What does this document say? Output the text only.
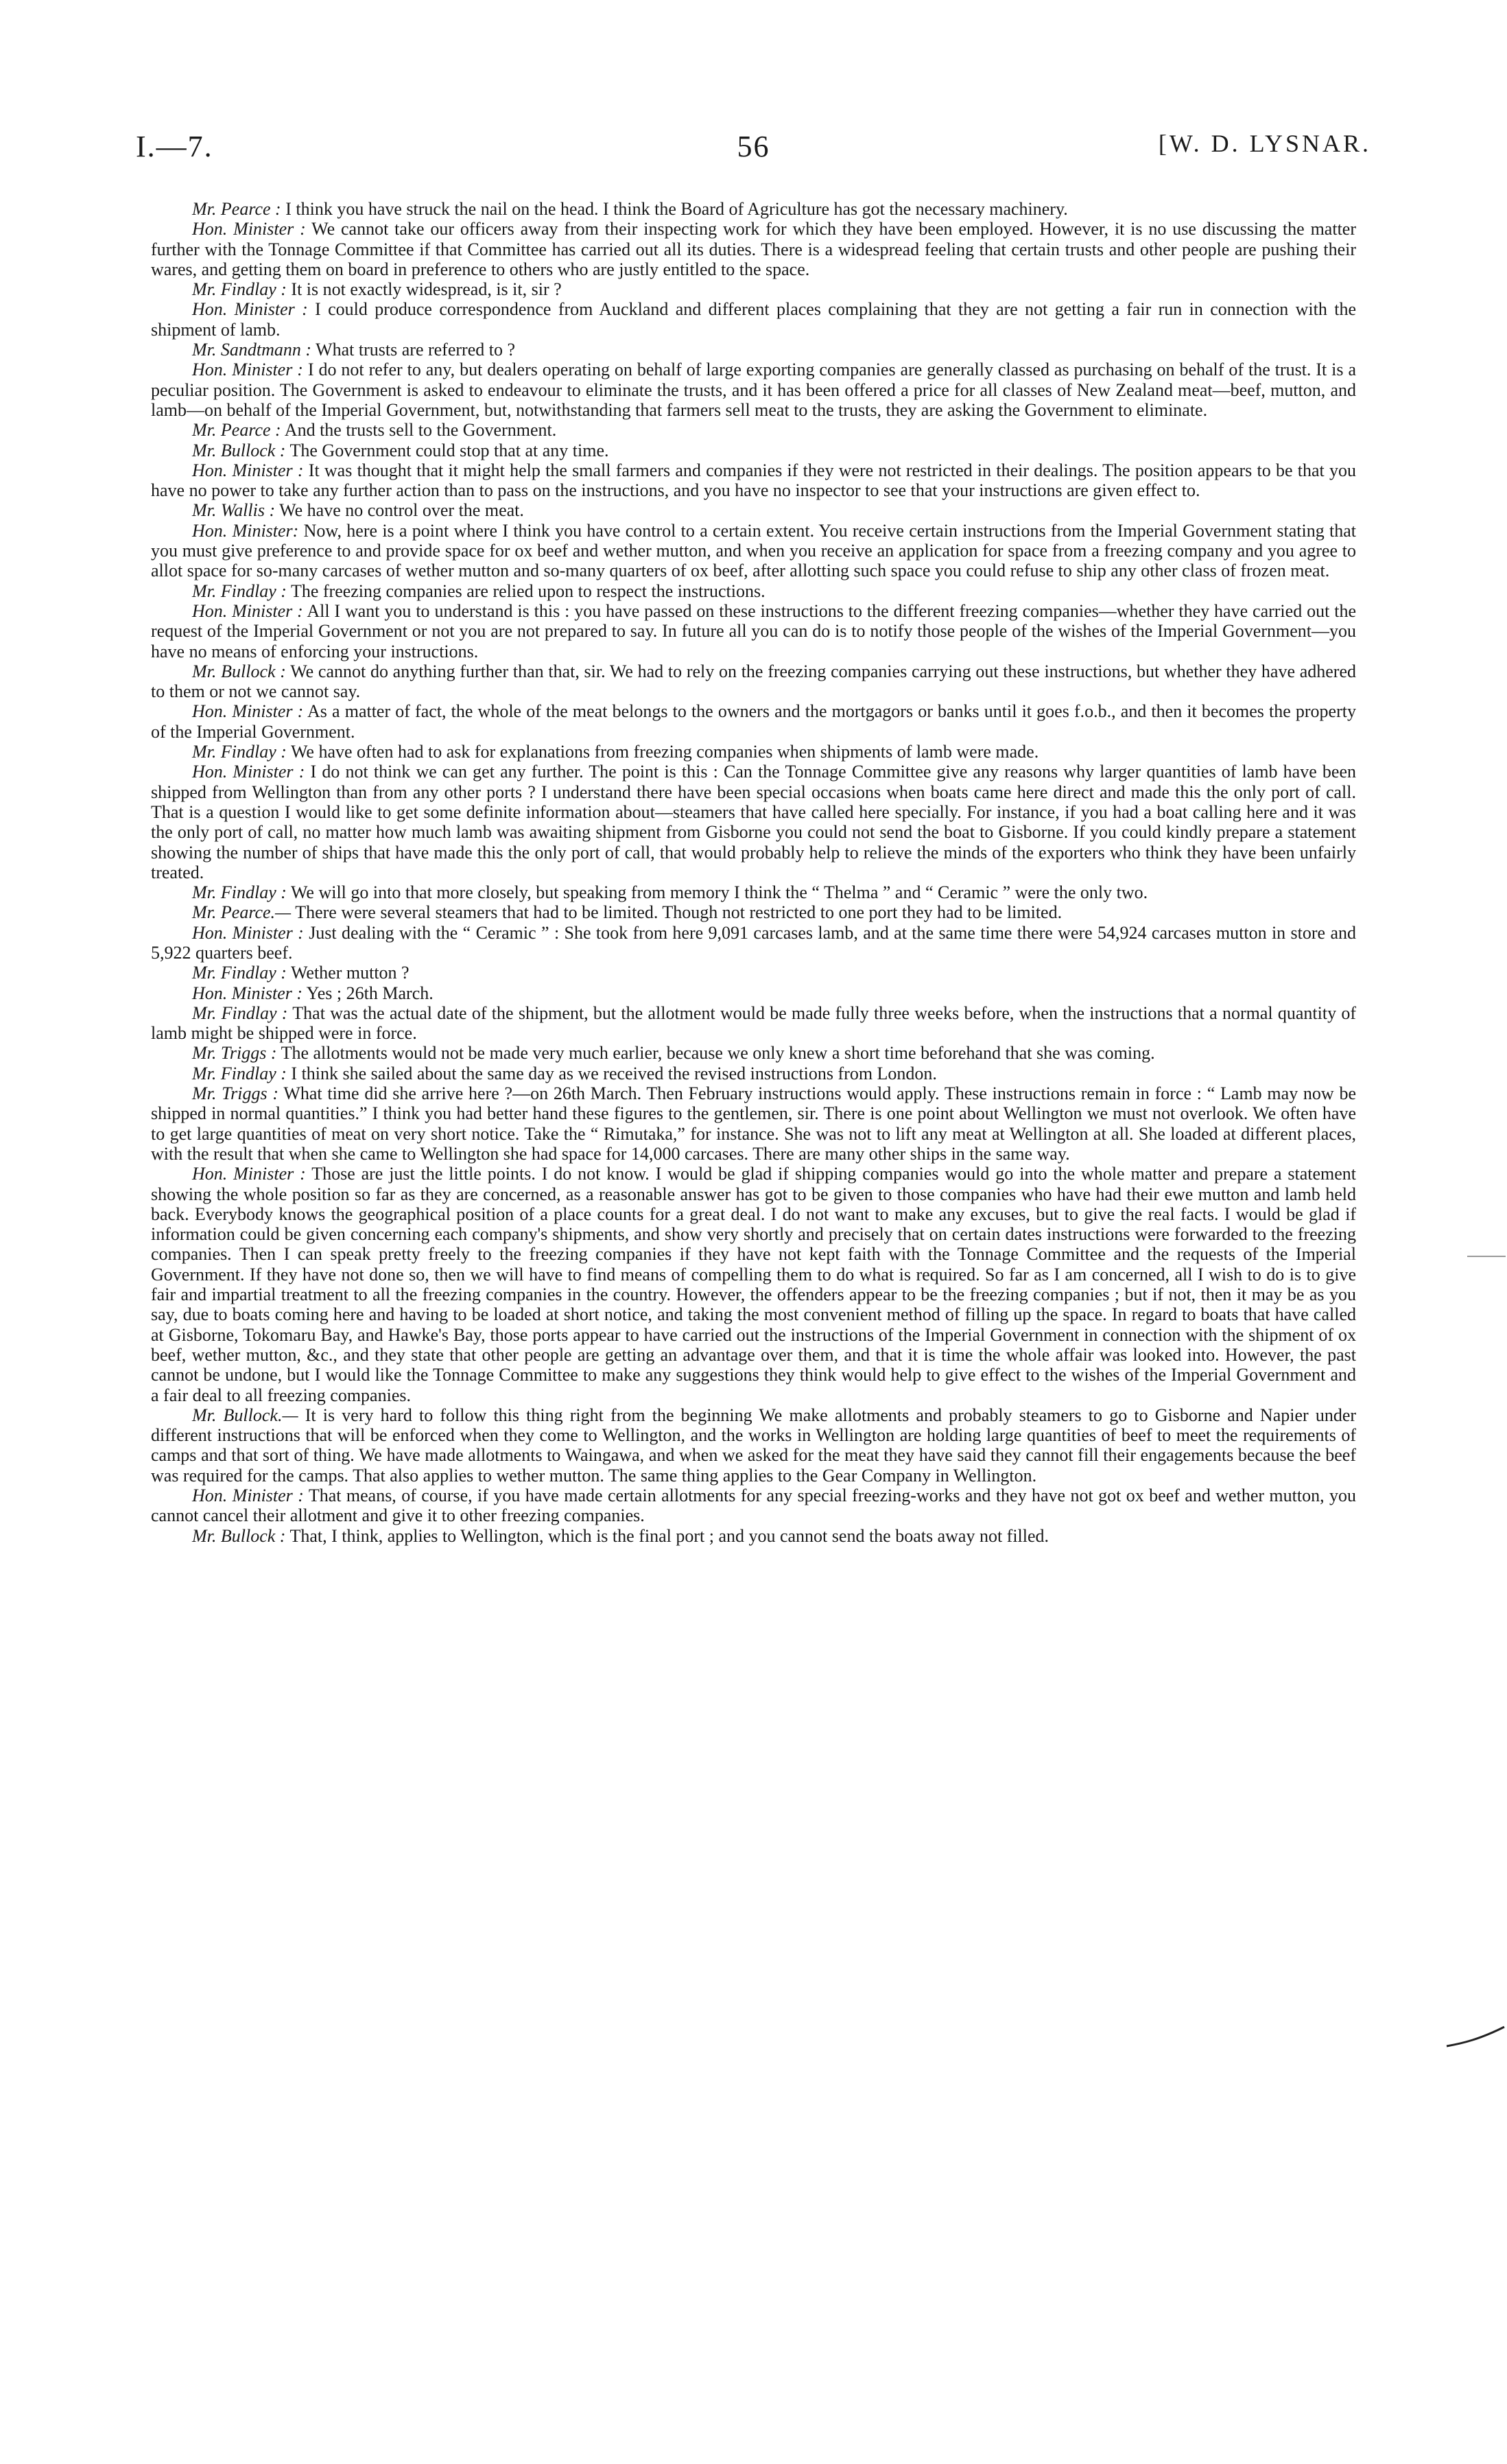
I.—7.	56	[W. D. LYSNAR.

Mr. Pearce : I think you have struck the nail on the head. I think the Board of Agriculture has got the necessary machinery.

Hon. Minister : We cannot take our officers away from their inspecting work for which they have been employed. However, it is no use discussing the matter further with the Tonnage Committee if that Committee has carried out all its duties. There is a widespread feeling that certain trusts and other people are pushing their wares, and getting them on board in preference to others who are justly entitled to the space.

Mr. Findlay : It is not exactly widespread, is it, sir ?

Hon. Minister : I could produce correspondence from Auckland and different places complaining that they are not getting a fair run in connection with the shipment of lamb.

Mr. Sandtmann : What trusts are referred to ?

Hon. Minister : I do not refer to any, but dealers operating on behalf of large exporting companies are generally classed as purchasing on behalf of the trust. It is a peculiar position. The Government is asked to endeavour to eliminate the trusts, and it has been offered a price for all classes of New Zealand meat—beef, mutton, and lamb—on behalf of the Imperial Government, but, notwithstanding that farmers sell meat to the trusts, they are asking the Government to eliminate.

Mr. Pearce : And the trusts sell to the Government.

Mr. Bullock : The Government could stop that at any time.

Hon. Minister : It was thought that it might help the small farmers and companies if they were not restricted in their dealings. The position appears to be that you have no power to take any further action than to pass on the instructions, and you have no inspector to see that your instructions are given effect to.

Mr. Wallis : We have no control over the meat.

Hon. Minister: Now, here is a point where I think you have control to a certain extent. You receive certain instructions from the Imperial Government stating that you must give preference to and provide space for ox beef and wether mutton, and when you receive an application for space from a freezing company and you agree to allot space for so-many carcases of wether mutton and so-many quarters of ox beef, after allotting such space you could refuse to ship any other class of frozen meat.

Mr. Findlay : The freezing companies are relied upon to respect the instructions.

Hon. Minister : All I want you to understand is this : you have passed on these instructions to the different freezing companies—whether they have carried out the request of the Imperial Government or not you are not prepared to say. In future all you can do is to notify those people of the wishes of the Imperial Government—you have no means of enforcing your instructions.

Mr. Bullock : We cannot do anything further than that, sir. We had to rely on the freezing companies carrying out these instructions, but whether they have adhered to them or not we cannot say.

Hon. Minister : As a matter of fact, the whole of the meat belongs to the owners and the mortgagors or banks until it goes f.o.b., and then it becomes the property of the Imperial Government.

Mr. Findlay : We have often had to ask for explanations from freezing companies when shipments of lamb were made.

Hon. Minister : I do not think we can get any further. The point is this : Can the Tonnage Committee give any reasons why larger quantities of lamb have been shipped from Wellington than from any other ports ? I understand there have been special occasions when boats came here direct and made this the only port of call. That is a question I would like to get some definite information about—steamers that have called here specially. For instance, if you had a boat calling here and it was the only port of call, no matter how much lamb was awaiting shipment from Gisborne you could not send the boat to Gisborne. If you could kindly prepare a statement showing the number of ships that have made this the only port of call, that would probably help to relieve the minds of the exporters who think they have been unfairly treated.

Mr. Findlay : We will go into that more closely, but speaking from memory I think the “ Thelma ” and “ Ceramic ” were the only two.

Mr. Pearce.— There were several steamers that had to be limited. Though not restricted to one port they had to be limited.

Hon. Minister : Just dealing with the “ Ceramic ” : She took from here 9,091 carcases lamb, and at the same time there were 54,924 carcases mutton in store and 5,922 quarters beef.

Mr. Findlay : Wether mutton ?

Hon. Minister : Yes ; 26th March.

Mr. Findlay : That was the actual date of the shipment, but the allotment would be made fully three weeks before, when the instructions that a normal quantity of lamb might be shipped were in force.

Mr. Triggs : The allotments would not be made very much earlier, because we only knew a short time beforehand that she was coming.

Mr. Findlay : I think she sailed about the same day as we received the revised instructions from London.

Mr. Triggs : What time did she arrive here ?—on 26th March. Then February instructions would apply. These instructions remain in force : “ Lamb may now be shipped in normal quantities.” I think you had better hand these figures to the gentlemen, sir. There is one point about Wellington we must not overlook. We often have to get large quantities of meat on very short notice. Take the “ Rimutaka,” for instance. She was not to lift any meat at Wellington at all. She loaded at different places, with the result that when she came to Wellington she had space for 14,000 carcases. There are many other ships in the same way.

Hon. Minister : Those are just the little points. I do not know. I would be glad if shipping companies would go into the whole matter and prepare a statement showing the whole position so far as they are concerned, as a reasonable answer has got to be given to those companies who have had their ewe mutton and lamb held back. Everybody knows the geographical position of a place counts for a great deal. I do not want to make any excuses, but to give the real facts. I would be glad if information could be given concerning each company's shipments, and show very shortly and precisely that on certain dates instructions were forwarded to the freezing companies. Then I can speak pretty freely to the freezing companies if they have not kept faith with the Tonnage Committee and the requests of the Imperial Government. If they have not done so, then we will have to find means of compelling them to do what is required. So far as I am concerned, all I wish to do is to give fair and impartial treatment to all the freezing companies in the country. However, the offenders appear to be the freezing companies ; but if not, then it may be as you say, due to boats coming here and having to be loaded at short notice, and taking the most convenient method of filling up the space. In regard to boats that have called at Gisborne, Tokomaru Bay, and Hawke's Bay, those ports appear to have carried out the instructions of the Imperial Government in connection with the shipment of ox beef, wether mutton, &c., and they state that other people are getting an advantage over them, and that it is time the whole affair was looked into. However, the past cannot be undone, but I would like the Tonnage Committee to make any suggestions they think would help to give effect to the wishes of the Imperial Government and a fair deal to all freezing companies.

Mr. Bullock.— It is very hard to follow this thing right from the beginning We make allotments and probably steamers to go to Gisborne and Napier under different instructions that will be enforced when they come to Wellington, and the works in Wellington are holding large quantities of beef to meet the requirements of camps and that sort of thing. We have made allotments to Waingawa, and when we asked for the meat they have said they cannot fill their engagements because the beef was required for the camps. That also applies to wether mutton. The same thing applies to the Gear Company in Wellington.

Hon. Minister : That means, of course, if you have made certain allotments for any special freezing-works and they have not got ox beef and wether mutton, you cannot cancel their allotment and give it to other freezing companies.

Mr. Bullock : That, I think, applies to Wellington, which is the final port ; and you cannot send the boats away not filled.
